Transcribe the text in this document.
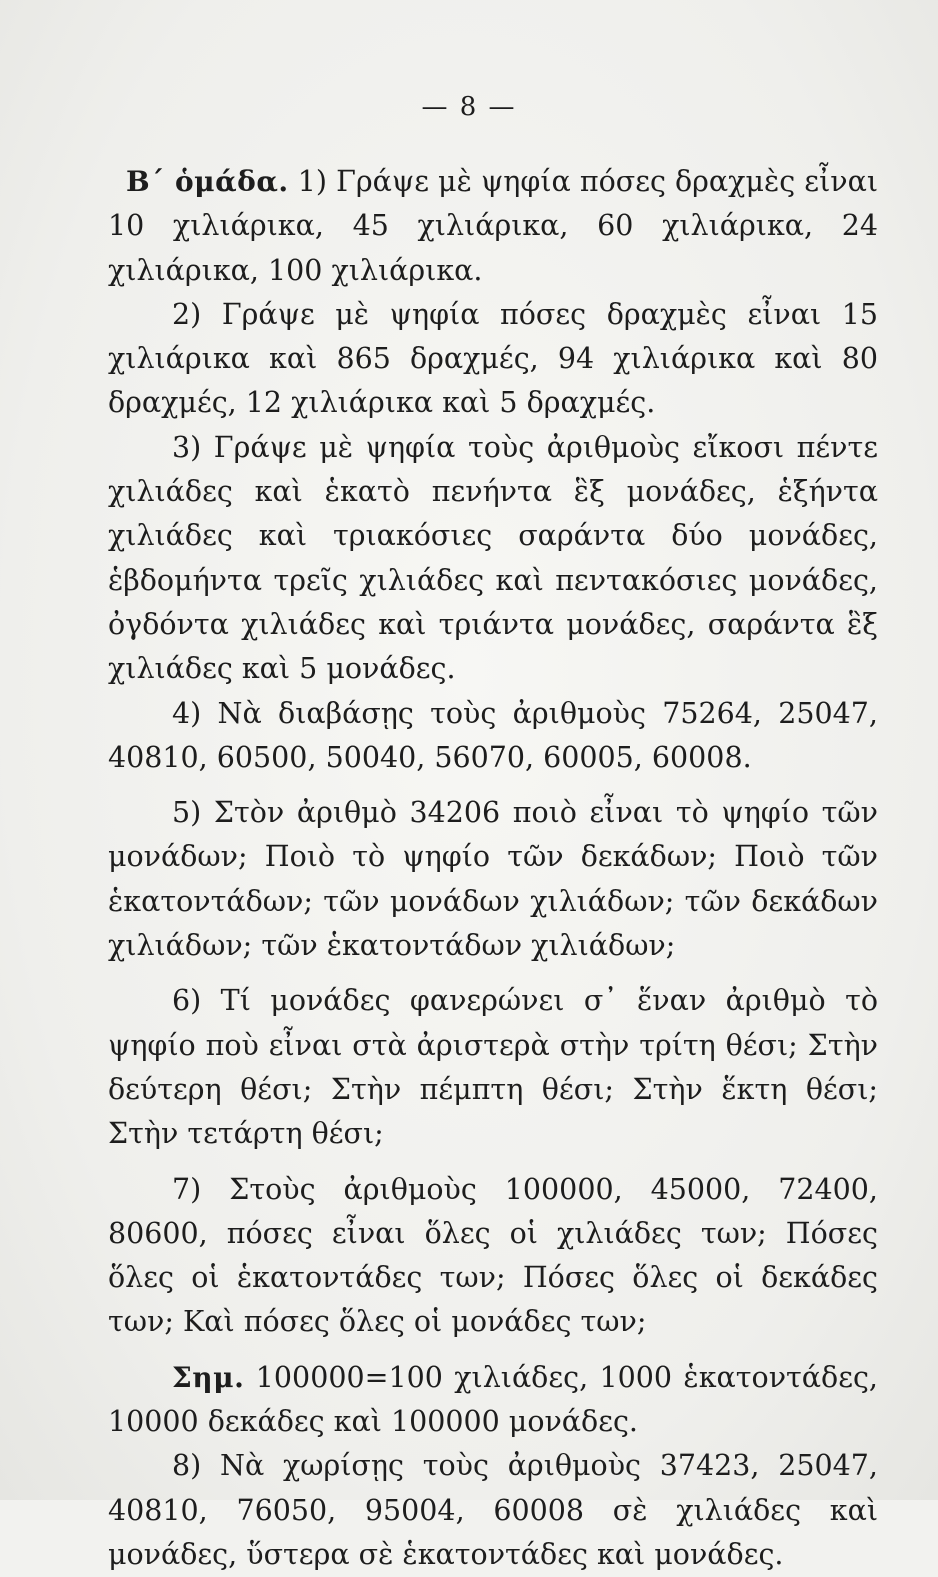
— 8 —

Β΄ ὁμάδα. 1) Γράψε μὲ ψηφία πόσες δραχμὲς εἶναι 10 χιλιάρικα, 45 χιλιάρικα, 60 χιλιάρικα, 24 χιλιάρικα, 100 χιλιάρικα.

2) Γράψε μὲ ψηφία πόσες δραχμὲς εἶναι 15 χιλιάρικα καὶ 865 δραχμές, 94 χιλιάρικα καὶ 80 δραχμές, 12 χιλιάρικα καὶ 5 δραχμές.

3) Γράψε μὲ ψηφία τοὺς ἀριθμοὺς εἴκοσι πέντε χιλιάδες καὶ ἑκατὸ πενήντα ἓξ μονάδες, ἑξήντα χιλιάδες καὶ τριακόσιες σαράντα δύο μονάδες, ἑβδομήντα τρεῖς χιλιάδες καὶ πεντακόσιες μονάδες, ὀγδόντα χιλιάδες καὶ τριάντα μονάδες, σαράντα ἓξ χιλιάδες καὶ 5 μονάδες.

4) Νὰ διαβάσῃς τοὺς ἀριθμοὺς 75264, 25047, 40810, 60500, 50040, 56070, 60005, 60008.

5) Στὸν ἀριθμὸ 34206 ποιὸ εἶναι τὸ ψηφίο τῶν μονάδων; Ποιὸ τὸ ψηφίο τῶν δεκάδων; Ποιὸ τῶν ἑκατοντάδων; τῶν μονάδων χιλιάδων; τῶν δεκάδων χιλιάδων; τῶν ἑκατοντάδων χιλιάδων;

6) Τί μονάδες φανερώνει σ᾽ ἕναν ἀριθμὸ τὸ ψηφίο ποὺ εἶναι στὰ ἀριστερὰ στὴν τρίτη θέσι; Στὴν δεύτερη θέσι; Στὴν πέμπτη θέσι; Στὴν ἕκτη θέσι; Στὴν τετάρτη θέσι;

7) Στοὺς ἀριθμοὺς 100000, 45000, 72400, 80600, πόσες εἶναι ὅλες οἱ χιλιάδες των; Πόσες ὅλες οἱ ἑκατοντάδες των; Πόσες ὅλες οἱ δεκάδες των; Καὶ πόσες ὅλες οἱ μονάδες των;

Σημ. 100000=100 χιλιάδες, 1000 ἑκατοντάδες, 10000 δεκάδες καὶ 100000 μονάδες.

8) Νὰ χωρίσῃς τοὺς ἀριθμοὺς 37423, 25047, 40810, 76050, 95004, 60008 σὲ χιλιάδες καὶ μονάδες, ὕστερα σὲ ἑκατοντάδες καὶ μονάδες.
